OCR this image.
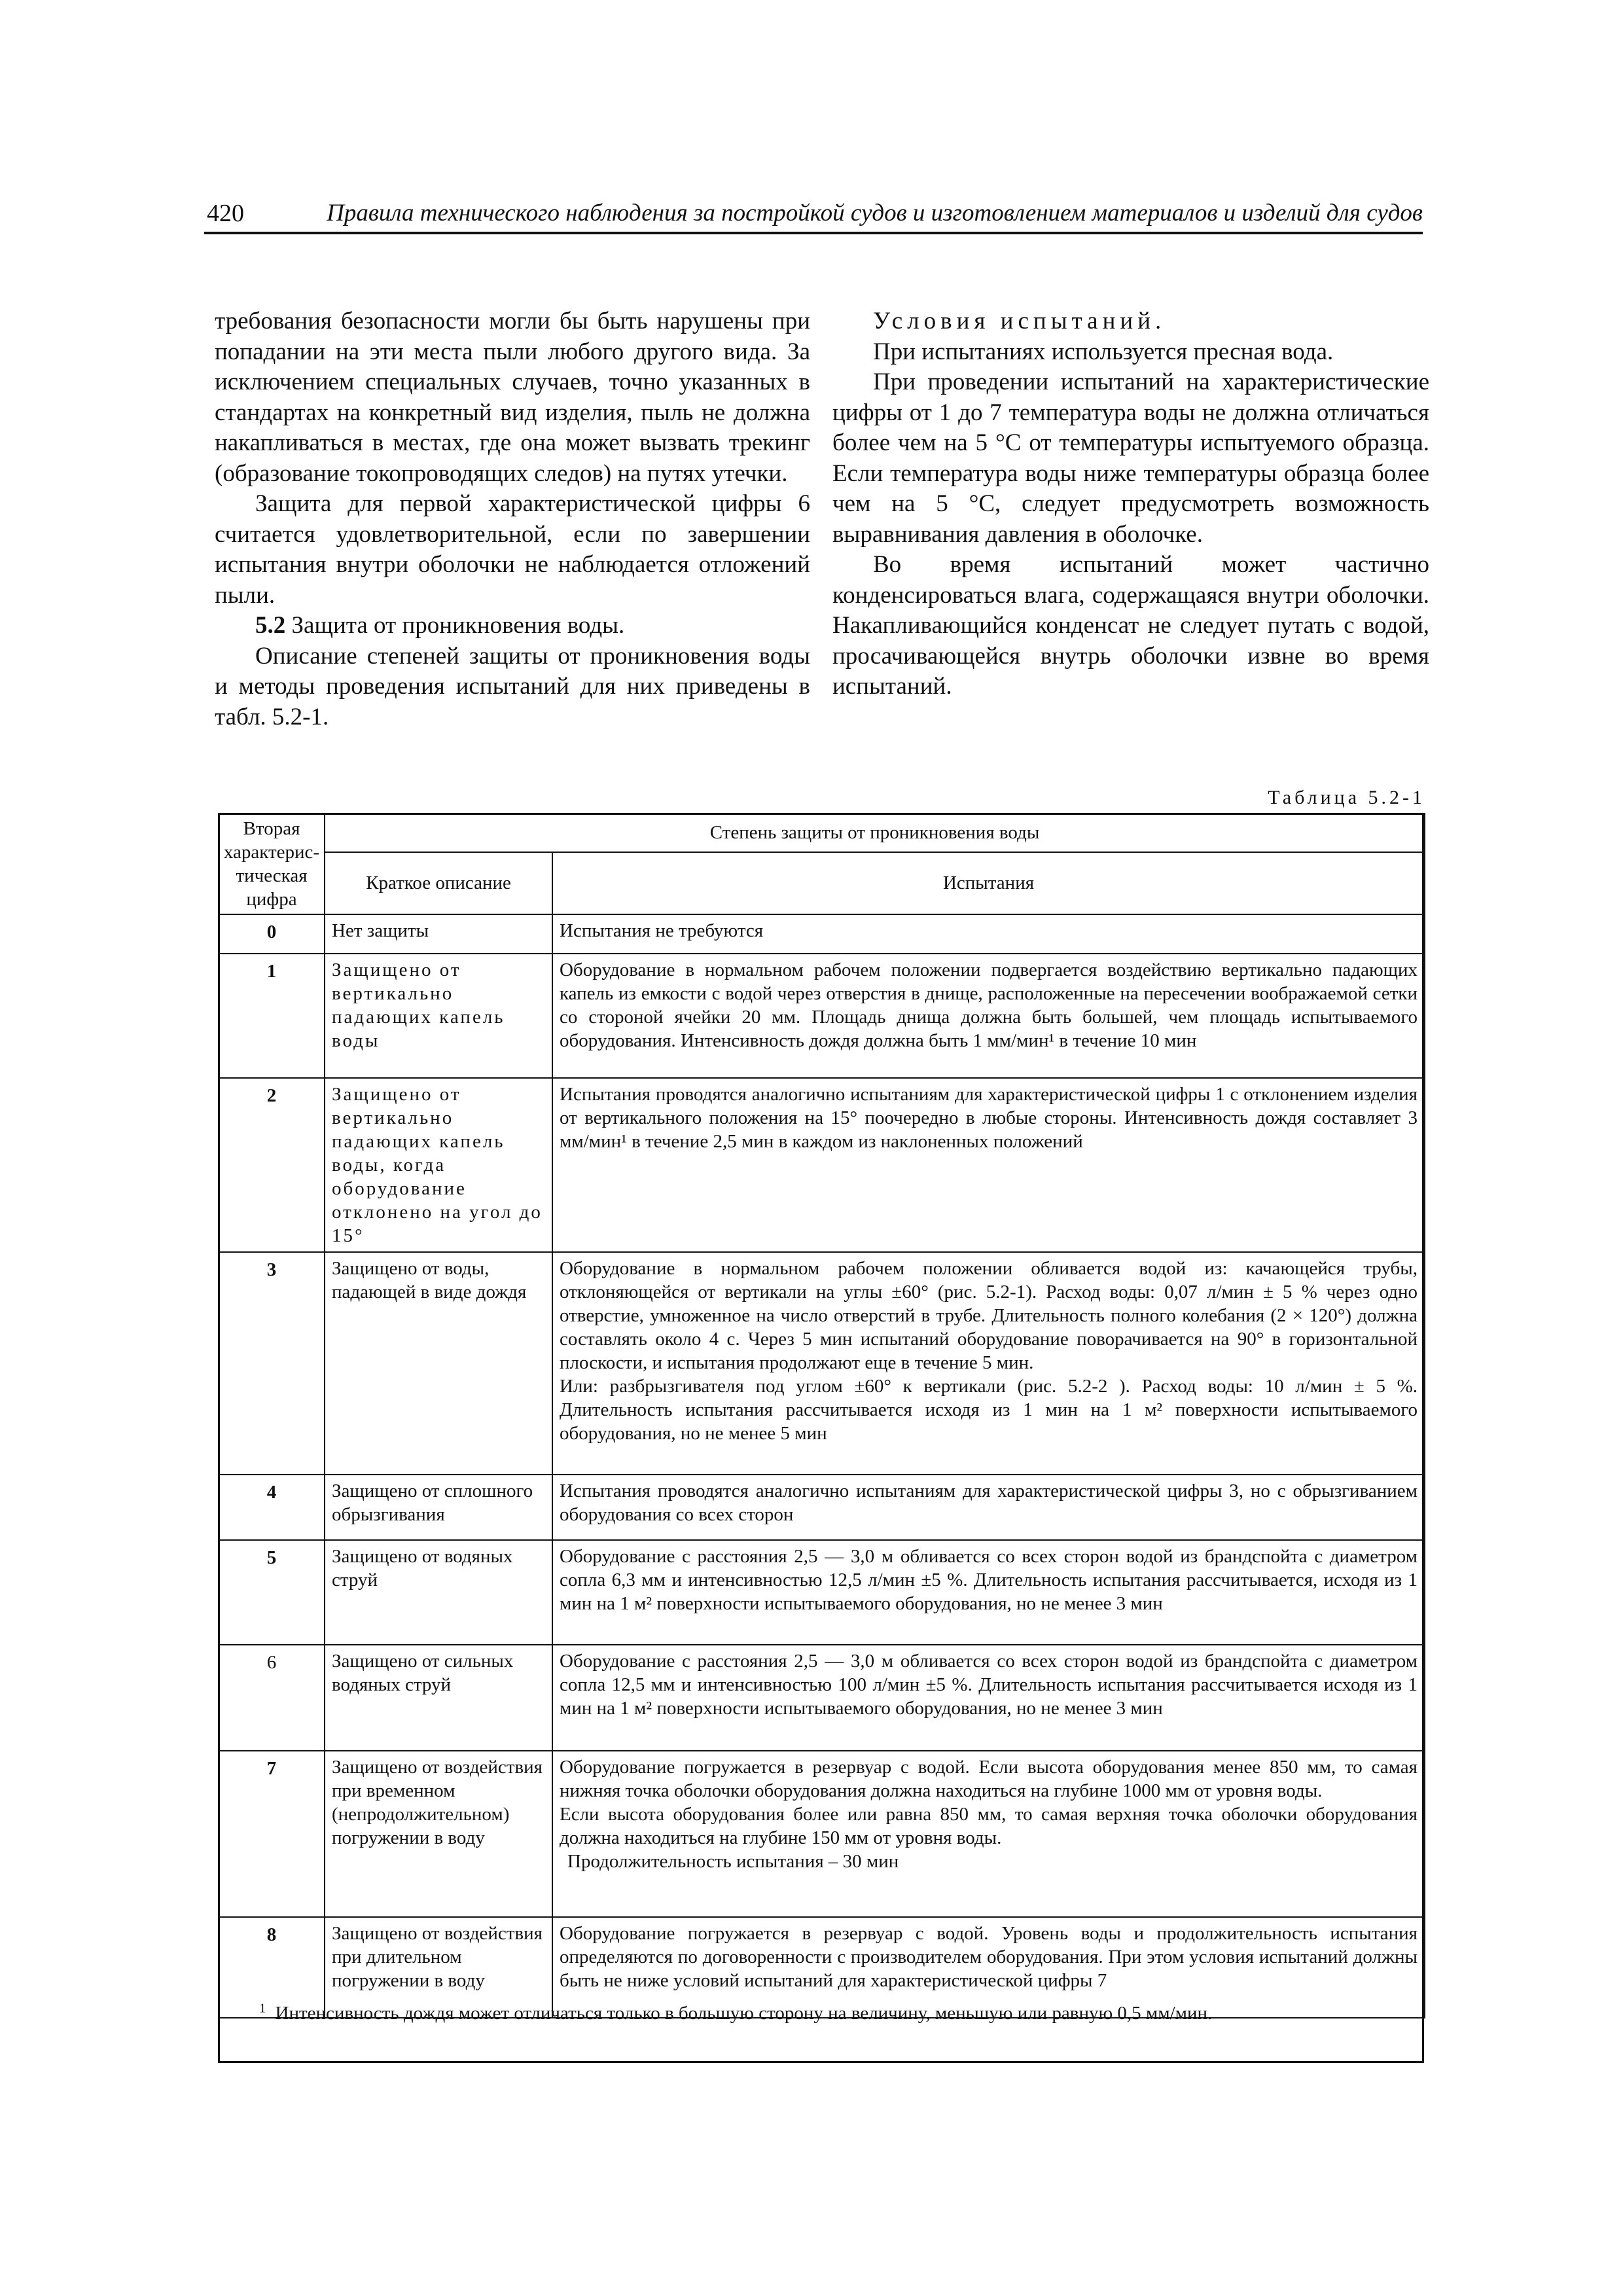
420	Правила технического наблюдения за постройкой судов и изготовлением материалов и изделий для судов

требования безопасности могли бы быть нарушены при попадании на эти места пыли любого другого вида. За исключением специальных случаев, точно указанных в стандартах на конкретный вид изделия, пыль не должна накапливаться в местах, где она может вызвать трекинг (образование токопроводящих следов) на путях утечки.

Защита для первой характеристической цифры 6 считается удовлетворительной, если по завершении испытания внутри оболочки не наблюдается отложений пыли.

5.2 Защита от проникновения воды.

Описание степеней защиты от проникновения воды и методы проведения испытаний для них приведены в табл. 5.2-1.

Условия испытаний.

При испытаниях используется пресная вода.

При проведении испытаний на характеристические цифры от 1 до 7 температура воды не должна отличаться более чем на 5 °С от температуры испытуемого образца. Если температура воды ниже температуры образца более чем на 5 °С, следует предусмотреть возможность выравнивания давления в оболочке.

Во время испытаний может частично конденсироваться влага, содержащаяся внутри оболочки. Накапливающийся конденсат не следует путать с водой, просачивающейся внутрь оболочки извне во время испытаний.

Таблица 5.2-1
Вторая характерис-тическая цифра	Степень защиты от проникновения воды	
	Краткое описание	Испытания
0	Нет защиты	Испытания не требуются

1	Защищено от вертикально падающих капель воды	Оборудование в нормальном рабочем положении подвергается воздействию вертикально падающих капель из емкости с водой через отверстия в днище, расположенные на пересечении воображаемой сетки со стороной ячейки 20 мм. Площадь днища должна быть большей, чем площадь испытываемого оборудования. Интенсивность дождя должна быть 1 мм/мин¹ в течение 10 мин

2	Защищено от вертикально падающих капель воды, когда оборудование отклонено на угол до 15°	Испытания проводятся аналогично испытаниям для характеристической цифры 1 с отклонением изделия от вертикального положения на 15° поочередно в любые стороны. Интенсивность дождя составляет 3 мм/мин¹ в течение 2,5 мин в каждом из наклоненных положений

3	Защищено от воды, падающей в виде дождя	Оборудование в нормальном рабочем положении обливается водой из: качающейся трубы, отклоняющейся от вертикали на углы ±60° (рис. 5.2-1). Расход воды: 0,07 л/мин ± 5 % через одно отверстие, умноженное на число отверстий в трубе. Длительность полного колебания (2 × 120°) должна составлять около 4 с. Через 5 мин испытаний оборудование поворачивается на 90° в горизонтальной плоскости, и испытания продолжают еще в течение 5 мин.

Или: разбрызгивателя под углом ±60° к вертикали (рис. 5.2-2 ). Расход воды: 10 л/мин ± 5 %. Длительность испытания рассчитывается исходя из 1 мин на 1 м² поверхности испытываемого оборудования, но не менее 5 мин

4	Защищено от сплошного обрызгивания	Испытания проводятся аналогично испытаниям для характеристической цифры 3, но с обрызгиванием оборудования со всех сторон

5	Защищено от водяных струй	Оборудование с расстояния 2,5 — 3,0 м обливается со всех сторон водой из брандспойта с диаметром сопла 6,3 мм и интенсивностью 12,5 л/мин ±5 %. Длительность испытания рассчитывается, исходя из 1 мин на 1 м² поверхности испытываемого оборудования, но не менее 3 мин

6	Защищено от сильных водяных струй	Оборудование с расстояния 2,5 — 3,0 м обливается со всех сторон водой из брандспойта с диаметром сопла 12,5 мм и интенсивностью 100 л/мин ±5 %. Длительность испытания рассчитывается исходя из 1 мин на 1 м² поверхности испытываемого оборудования, но не менее 3 мин

7	Защищено от воздействия при временном (непродолжительном) погружении в воду	Оборудование погружается в резервуар с водой. Если высота оборудования менее 850 мм, то самая нижняя точка оболочки оборудования должна находиться на глубине 1000 мм от уровня воды.

Если высота оборудования более или равна 850 мм, то самая верхняя точка оболочки оборудования должна находиться на глубине 150 мм от уровня воды.

Продолжительность испытания – 30 мин

8	Защищено от воздействия при длительном погружении в воду	Оборудование погружается в резервуар с водой. Уровень воды и продолжительность испытания определяются по договоренности с производителем оборудования. При этом условия испытаний должны быть не ниже условий испытаний для характеристической цифры 7

$^1$ Интенсивность дождя может отличаться только в большую сторону на величину, меньшую или равную 0,5 мм/мин.
